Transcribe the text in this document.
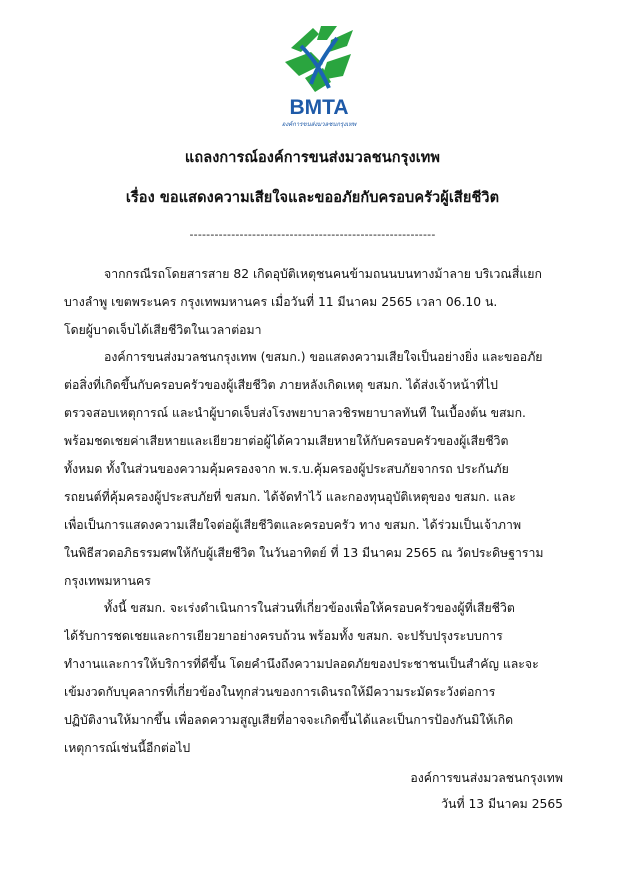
BMTA
องค์การขนส่งมวลชนกรุงเทพ
แถลงการณ์องค์การขนส่งมวลชนกรุงเทพ
เรื่อง ขอแสดงความเสียใจและขออภัยกับครอบครัวผู้เสียชีวิต
-----------------------------------------------------------
จากกรณีรถโดยสารสาย 82 เกิดอุบัติเหตุชนคนข้ามถนนบนทางม้าลาย บริเวณสี่แยก
บางลำพู เขตพระนคร กรุงเทพมหานคร เมื่อวันที่ 11 มีนาคม 2565 เวลา 06.10 น.
โดยผู้บาดเจ็บได้เสียชีวิตในเวลาต่อมา
องค์การขนส่งมวลชนกรุงเทพ (ขสมก.) ขอแสดงความเสียใจเป็นอย่างยิ่ง และขออภัย
ต่อสิ่งที่เกิดขึ้นกับครอบครัวของผู้เสียชีวิต ภายหลังเกิดเหตุ ขสมก. ได้ส่งเจ้าหน้าที่ไป
ตรวจสอบเหตุการณ์ และนำผู้บาดเจ็บส่งโรงพยาบาลวชิรพยาบาลทันที ในเบื้องต้น ขสมก.
พร้อมชดเชยค่าเสียหายและเยียวยาต่อผู้ได้ความเสียหายให้กับครอบครัวของผู้เสียชีวิต
ทั้งหมด ทั้งในส่วนของความคุ้มครองจาก พ.ร.บ.คุ้มครองผู้ประสบภัยจากรถ ประกันภัย
รถยนต์ที่คุ้มครองผู้ประสบภัยที่ ขสมก. ได้จัดทำไว้ และกองทุนอุบัติเหตุของ ขสมก. และ
เพื่อเป็นการแสดงความเสียใจต่อผู้เสียชีวิตและครอบครัว ทาง ขสมก. ได้ร่วมเป็นเจ้าภาพ
ในพิธีสวดอภิธรรมศพให้กับผู้เสียชีวิต ในวันอาทิตย์ ที่ 13 มีนาคม 2565 ณ วัดประดิษฐาราม
กรุงเทพมหานคร
ทั้งนี้ ขสมก. จะเร่งดำเนินการในส่วนที่เกี่ยวข้องเพื่อให้ครอบครัวของผู้ที่เสียชีวิต
ได้รับการชดเชยและการเยียวยาอย่างครบถ้วน พร้อมทั้ง ขสมก. จะปรับปรุงระบบการ
ทำงานและการให้บริการที่ดีขึ้น โดยคำนึงถึงความปลอดภัยของประชาชนเป็นสำคัญ และจะ
เข้มงวดกับบุคลากรที่เกี่ยวข้องในทุกส่วนของการเดินรถให้มีความระมัดระวังต่อการ
ปฏิบัติงานให้มากขึ้น เพื่อลดความสูญเสียที่อาจจะเกิดขึ้นได้และเป็นการป้องกันมิให้เกิด
เหตุการณ์เช่นนี้อีกต่อไป
องค์การขนส่งมวลชนกรุงเทพ
วันที่ 13 มีนาคม 2565
